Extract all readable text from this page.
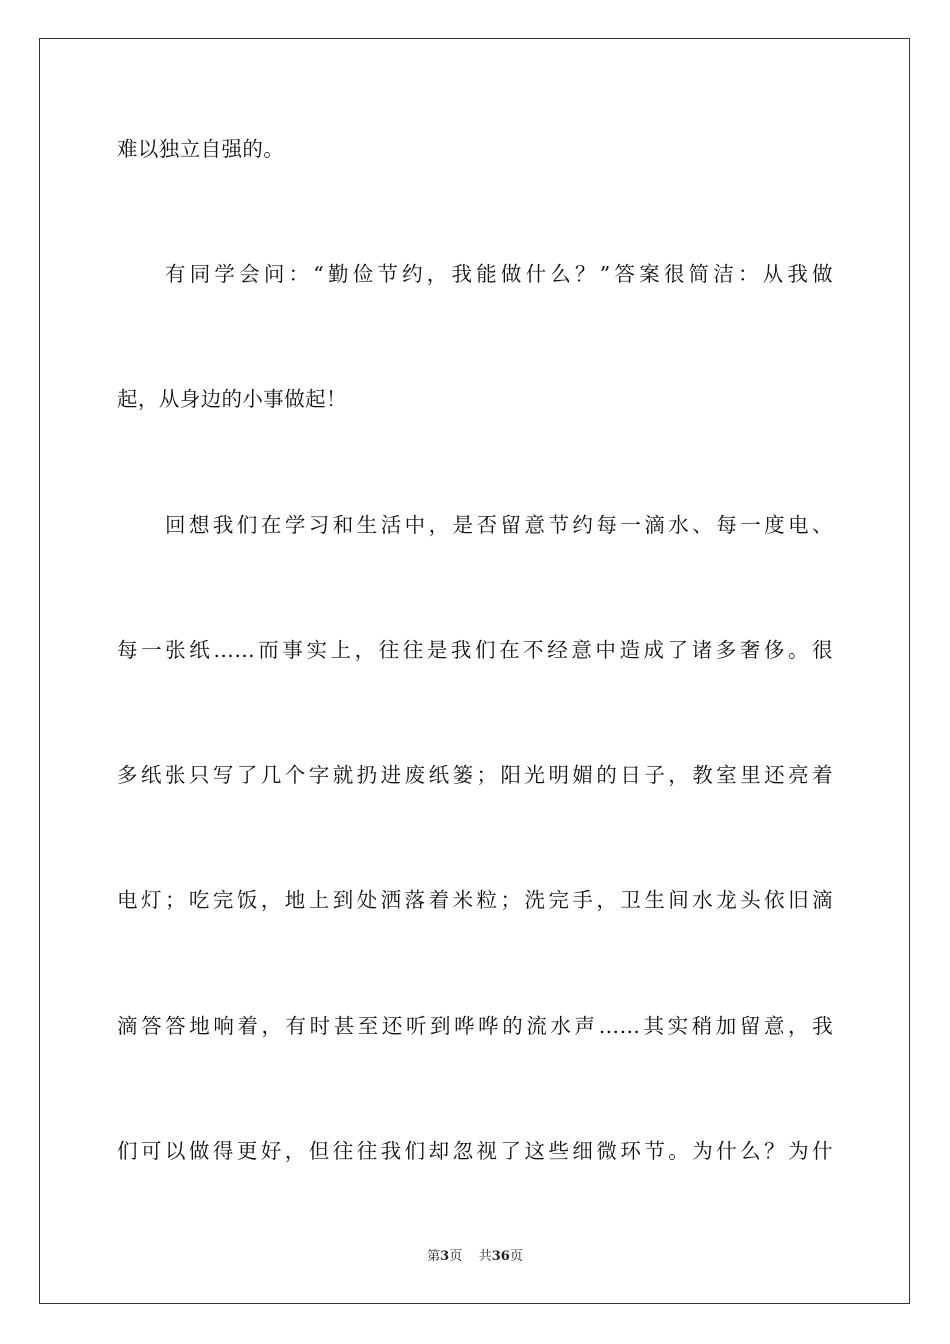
难以独立自强的。
有同学会问：“勤俭节约，我能做什么？”答案很简洁：从我做
起，从身边的小事做起！
回想我们在学习和生活中，是否留意节约每一滴水、每一度电、
每一张纸……而事实上，往往是我们在不经意中造成了诸多奢侈。很
多纸张只写了几个字就扔进废纸篓；阳光明媚的日子，教室里还亮着
电灯；吃完饭，地上到处洒落着米粒；洗完手，卫生间水龙头依旧滴
滴答答地响着，有时甚至还听到哗哗的流水声……其实稍加留意，我
们可以做得更好，但往往我们却忽视了这些细微环节。为什么？为什
第3页 共36页
